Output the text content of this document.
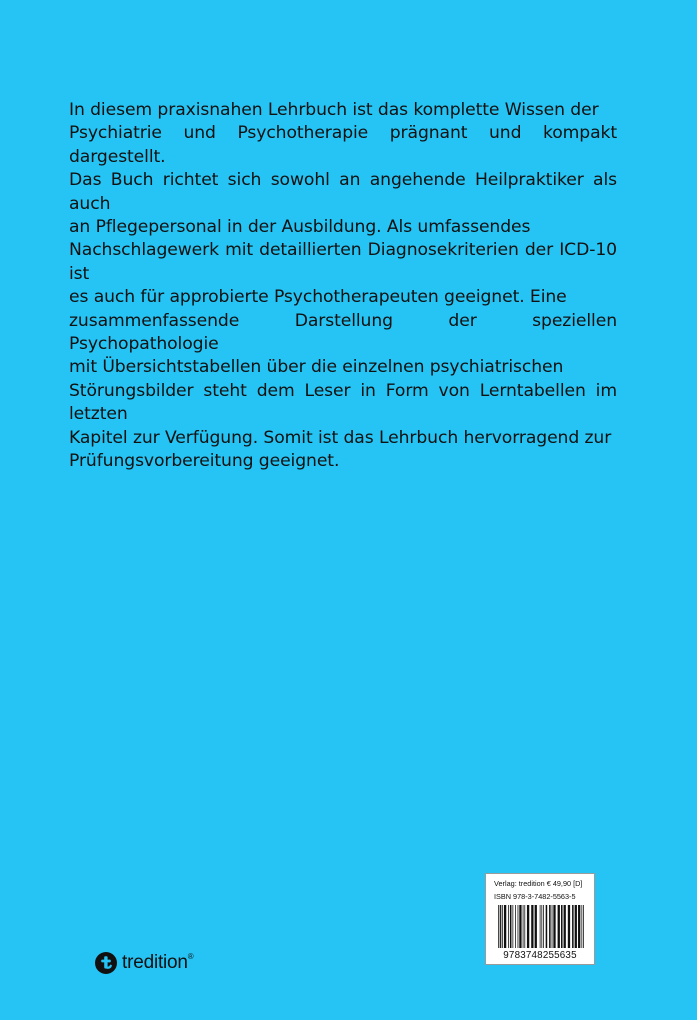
In diesem praxisnahen Lehrbuch ist das komplette Wissen der
Psychiatrie und Psychotherapie prägnant und kompakt dargestellt.
Das Buch richtet sich sowohl an angehende Heilpraktiker als auch
an Pflegepersonal in der Ausbildung. Als umfassendes
Nachschlagewerk mit detaillierten Diagnosekriterien der ICD-10 ist
es auch für approbierte Psychotherapeuten geeignet. Eine
zusammenfassende Darstellung der speziellen Psychopathologie
mit Übersichtstabellen über die einzelnen psychiatrischen
Störungsbilder steht dem Leser in Form von Lerntabellen im letzten
Kapitel zur Verfügung. Somit ist das Lehrbuch hervorragend zur
Prüfungsvorbereitung geeignet.
Verlag: tredition € 49,90 [D]
ISBN 978-3-7482-5563-5
9783748255635
tredition®
